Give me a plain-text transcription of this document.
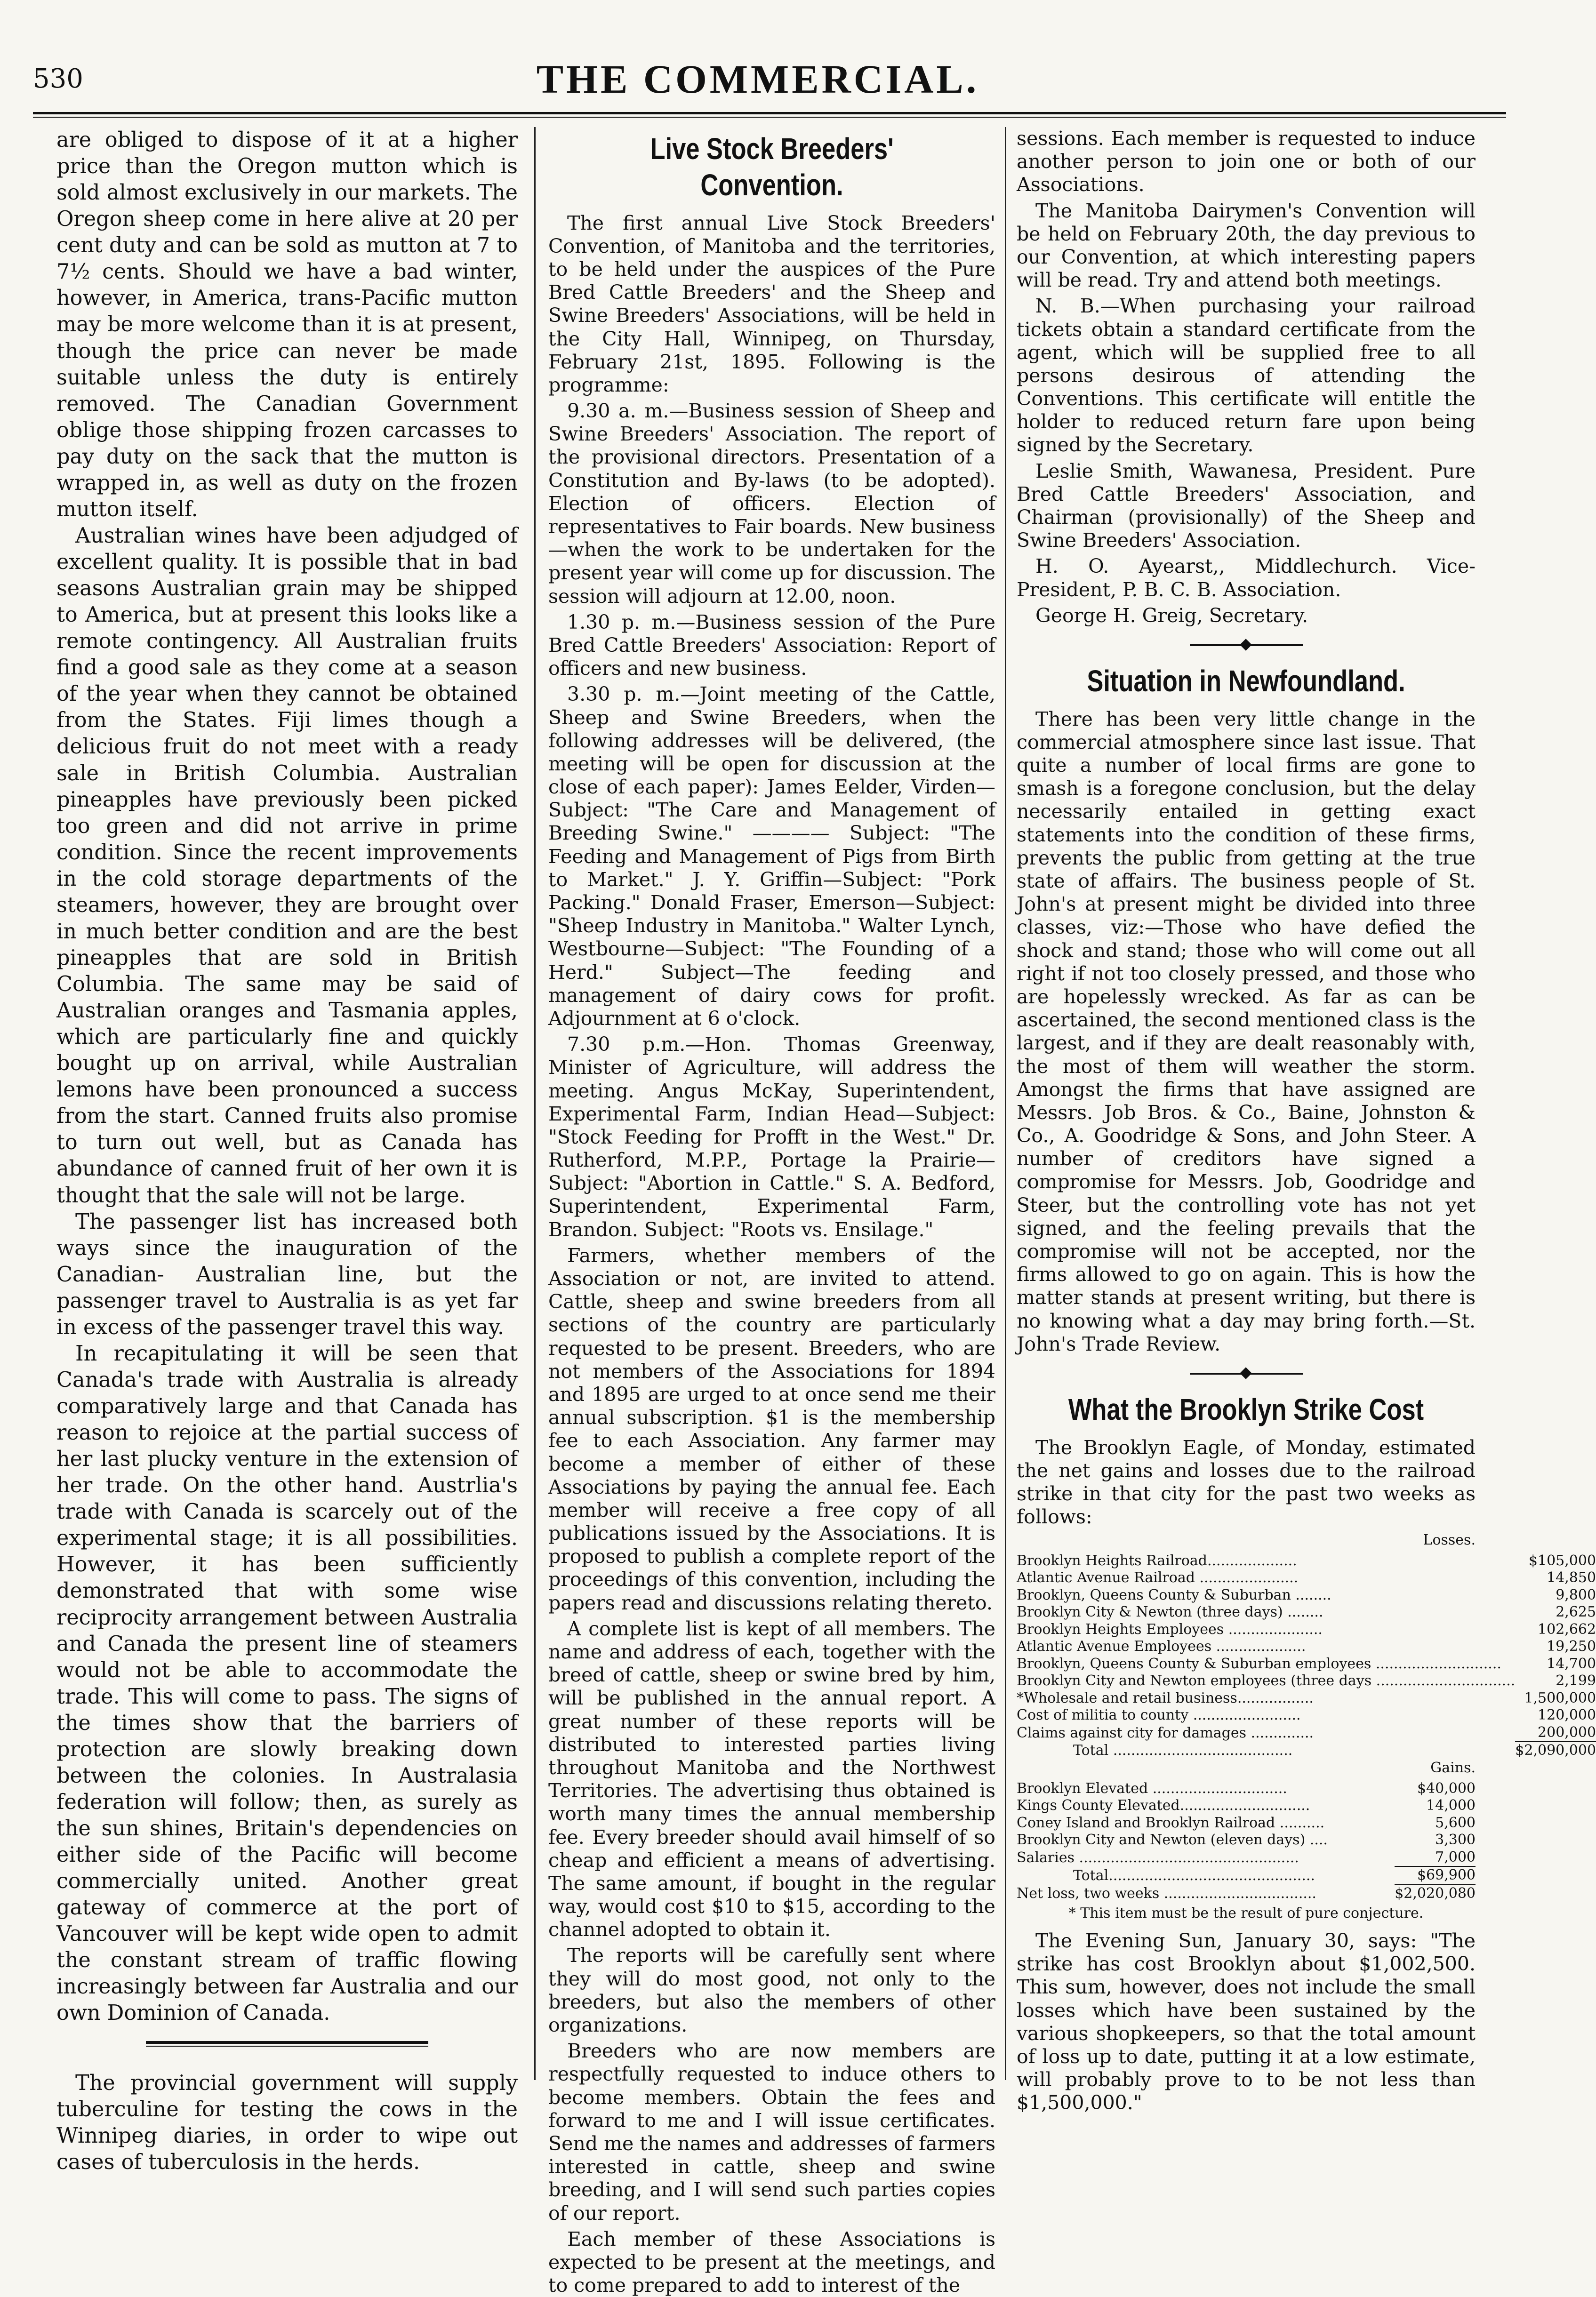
530	THE COMMERCIAL.

are obliged to dispose of it at a higher price than the Oregon mutton which is sold almost exclusively in our markets. The Oregon sheep come in here alive at 20 per cent duty and can be sold as mutton at 7 to 7½ cents. Should we have a bad winter, however, in America, trans-Pacific mutton may be more welcome than it is at present, though the price can never be made suitable unless the duty is entirely removed. The Canadian Government oblige those shipping frozen carcasses to pay duty on the sack that the mutton is wrapped in, as well as duty on the frozen mutton itself.

Australian wines have been adjudged of excellent quality. It is possible that in bad seasons Australian grain may be shipped to America, but at present this looks like a remote contingency. All Australian fruits find a good sale as they come at a season of the year when they cannot be obtained from the States. Fiji limes though a delicious fruit do not meet with a ready sale in British Columbia. Australian pineapples have previously been picked too green and did not arrive in prime condition. Since the recent improvements in the cold storage departments of the steamers, however, they are brought over in much better condition and are the best pineapples that are sold in British Columbia. The same may be said of Australian oranges and Tasmania apples, which are particularly fine and quickly bought up on arrival, while Australian lemons have been pronounced a success from the start. Canned fruits also promise to turn out well, but as Canada has abundance of canned fruit of her own it is thought that the sale will not be large.

The passenger list has increased both ways since the inauguration of the Canadian- Australian line, but the passenger travel to Australia is as yet far in excess of the passenger travel this way.

In recapitulating it will be seen that Canada's trade with Australia is already comparatively large and that Canada has reason to rejoice at the partial success of her last plucky venture in the extension of her trade. On the other hand. Austrlia's trade with Canada is scarcely out of the experimental stage; it is all possibilities. However, it has been sufficiently demonstrated that with some wise reciprocity arrangement between Australia and Canada the present line of steamers would not be able to accommodate the trade. This will come to pass. The signs of the times show that the barriers of protection are slowly breaking down between the colonies. In Australasia federation will follow; then, as surely as the sun shines, Britain's dependencies on either side of the Pacific will become commercially united. Another great gateway of commerce at the port of Vancouver will be kept wide open to admit the constant stream of traffic flowing increasingly between far Australia and our own Dominion of Canada.

The provincial government will supply tuberculine for testing the cows in the Winnipeg diaries, in order to wipe out cases of tuberculosis in the herds.

Live Stock Breeders' Convention.

The first annual Live Stock Breeders' Convention, of Manitoba and the territories, to be held under the auspices of the Pure Bred Cattle Breeders' and the Sheep and Swine Breeders' Associations, will be held in the City Hall, Winnipeg, on Thursday, February 21st, 1895. Following is the programme:

9.30 a. m.—Business session of Sheep and Swine Breeders' Association. The report of the provisional directors. Presentation of a Constitution and By-laws (to be adopted). Election of officers. Election of representatives to Fair boards. New business—when the work to be undertaken for the present year will come up for discussion. The session will adjourn at 12.00, noon.

1.30 p. m.—Business session of the Pure Bred Cattle Breeders' Association: Report of officers and new business.

3.30 p. m.—Joint meeting of the Cattle, Sheep and Swine Breeders, when the following addresses will be delivered, (the meeting will be open for discussion at the close of each paper): James Eelder, Virden—Subject: "The Care and Management of Breeding Swine." ———— Subject: "The Feeding and Management of Pigs from Birth to Market." J. Y. Griffin—Subject: "Pork Packing." Donald Fraser, Emerson—Subject: "Sheep Industry in Manitoba." Walter Lynch, Westbourne—Subject: "The Founding of a Herd." Subject—The feeding and management of dairy cows for profit. Adjournment at 6 o'clock.

7.30 p.m.—Hon. Thomas Greenway, Minister of Agriculture, will address the meeting. Angus McKay, Superintendent, Experimental Farm, Indian Head—Subject: "Stock Feeding for Profft in the West." Dr. Rutherford, M.P.P., Portage la Prairie—Subject: "Abortion in Cattle." S. A. Bedford, Superintendent, Experimental Farm, Brandon. Subject: "Roots vs. Ensilage."

Farmers, whether members of the Association or not, are invited to attend. Cattle, sheep and swine breeders from all sections of the country are particularly requested to be present. Breeders, who are not members of the Associations for 1894 and 1895 are urged to at once send me their annual subscription. $1 is the membership fee to each Association. Any farmer may become a member of either of these Associations by paying the annual fee. Each member will receive a free copy of all publications issued by the Associations. It is proposed to publish a complete report of the proceedings of this convention, including the papers read and discussions relating thereto.

A complete list is kept of all members. The name and address of each, together with the breed of cattle, sheep or swine bred by him, will be published in the annual report. A great number of these reports will be distributed to interested parties living throughout Manitoba and the Northwest Territories. The advertising thus obtained is worth many times the annual membership fee. Every breeder should avail himself of so cheap and efficient a means of advertising. The same amount, if bought in the regular way, would cost $10 to $15, according to the channel adopted to obtain it.

The reports will be carefully sent where they will do most good, not only to the breeders, but also the members of other organizations.

Breeders who are now members are respectfully requested to induce others to become members. Obtain the fees and forward to me and I will issue certificates. Send me the names and addresses of farmers interested in cattle, sheep and swine breeding, and I will send such parties copies of our report.

Each member of these Associations is expected to be present at the meetings, and to come prepared to add to interest of the

sessions. Each member is requested to induce another person to join one or both of our Associations.

The Manitoba Dairymen's Convention will be held on February 20th, the day previous to our Convention, at which interesting papers will be read. Try and attend both meetings.

N. B.—When purchasing your railroad tickets obtain a standard certificate from the agent, which will be supplied free to all persons desirous of attending the Conventions. This certificate will entitle the holder to reduced return fare upon being signed by the Secretary.

Leslie Smith, Wawanesa, President. Pure Bred Cattle Breeders' Association, and Chairman (provisionally) of the Sheep and Swine Breeders' Association.

H. O. Ayearst,, Middlechurch. Vice-President, P. B. C. B. Association.

George H. Greig, Secretary.

Situation in Newfoundland.

There has been very little change in the commercial atmosphere since last issue. That quite a number of local firms are gone to smash is a foregone conclusion, but the delay necessarily entailed in getting exact statements into the condition of these firms, prevents the public from getting at the true state of affairs. The business people of St. John's at present might be divided into three classes, viz:—Those who have defied the shock and stand; those who will come out all right if not too closely pressed, and those who are hopelessly wrecked. As far as can be ascertained, the second mentioned class is the largest, and if they are dealt reasonably with, the most of them will weather the storm. Amongst the firms that have assigned are Messrs. Job Bros. & Co., Baine, Johnston & Co., A. Goodridge & Sons, and John Steer. A number of creditors have signed a compromise for Messrs. Job, Goodridge and Steer, but the controlling vote has not yet signed, and the feeling prevails that the compromise will not be accepted, nor the firms allowed to go on again. This is how the matter stands at present writing, but there is no knowing what a day may bring forth.—St. John's Trade Review.

What the Brooklyn Strike Cost

The Brooklyn Eagle, of Monday, estimated the net gains and losses due to the railroad strike in that city for the past two weeks as follows:

Losses.
Brooklyn Heights Railroad....................	$105,000
Atlantic Avenue Railroad ......................	14,850
Brooklyn, Queens County & Suburban ........	9,800
Brooklyn City & Newton (three days) ........	2,625
Brooklyn Heights Employees .....................	102,662
Atlantic Avenue Employees ....................	19,250
Brooklyn, Queens County & Suburban employees ............................	14,700
Brooklyn City and Newton employees (three days ...............................	2,199
*Wholesale and retail business.................	1,500,000
Cost of militia to county ........................	120,000
Claims against city for damages ..............	200,000
Total ........................................	$2,090,000
Gains.
Brooklyn Elevated ..............................	$40,000
Kings County Elevated.............................	14,000
Coney Island and Brooklyn Railroad ..........	5,600
Brooklyn City and Newton (eleven days) ....	3,300
Salaries .................................................	7,000
Total..............................................	$69,900
Net loss, two weeks ..................................	$2,020,080
* This item must be the result of pure conjecture.

The Evening Sun, January 30, says: "The strike has cost Brooklyn about $1,002,500. This sum, however, does not include the small losses which have been sustained by the various shopkeepers, so that the total amount of loss up to date, putting it at a low estimate, will probably prove to to be not less than $1,500,000."
